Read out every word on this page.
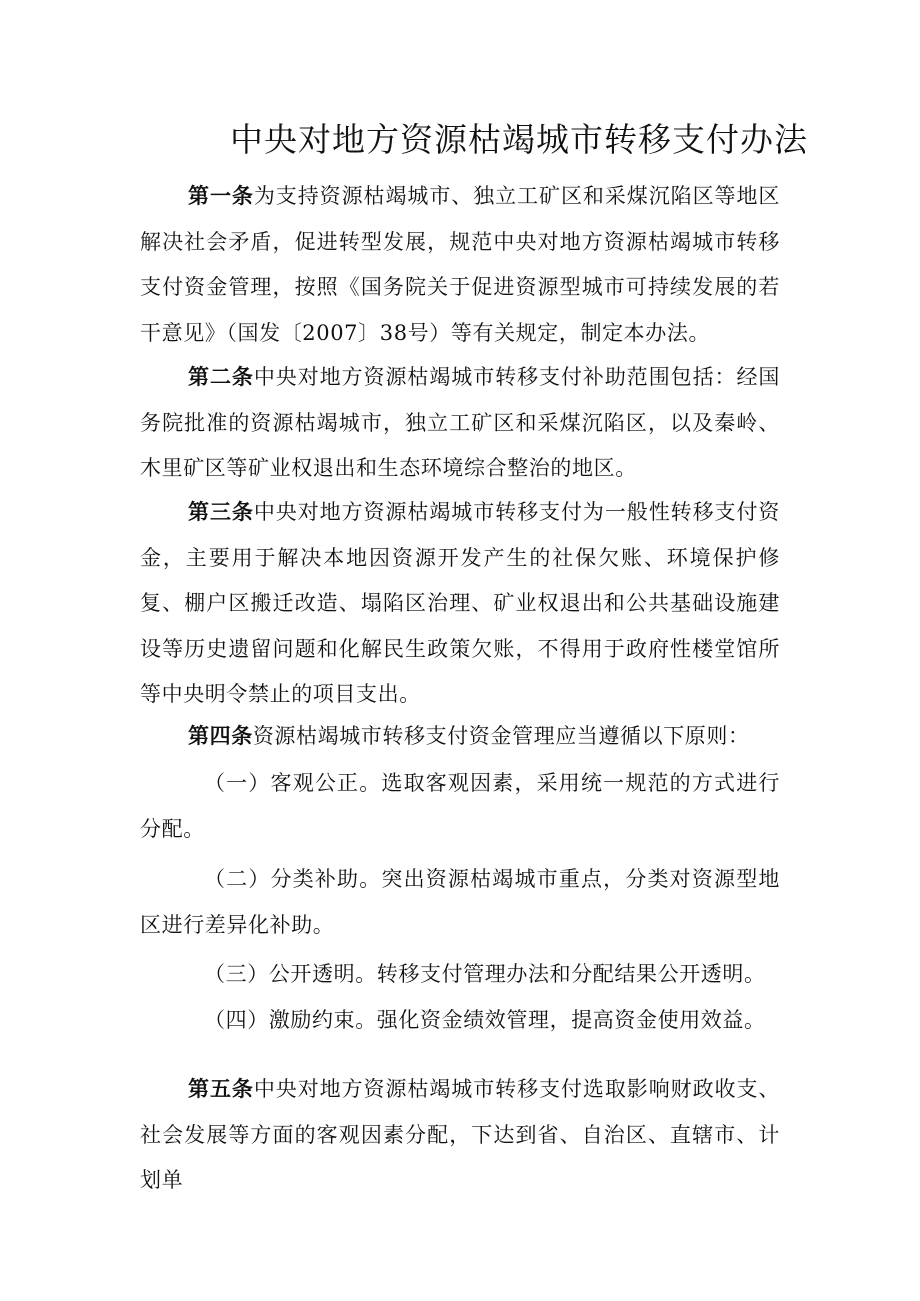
中央对地方资源枯竭城市转移支付办法
第一条为支持资源枯竭城市、独立工矿区和采煤沉陷区等地区解决社会矛盾，促进转型发展，规范中央对地方资源枯竭城市转移支付资金管理，按照《国务院关于促进资源型城市可持续发展的若干意见》（国发〔2007〕38号）等有关规定，制定本办法。
第二条中央对地方资源枯竭城市转移支付补助范围包括：经国务院批准的资源枯竭城市，独立工矿区和采煤沉陷区，以及秦岭、木里矿区等矿业权退出和生态环境综合整治的地区。
第三条中央对地方资源枯竭城市转移支付为一般性转移支付资金，主要用于解决本地因资源开发产生的社保欠账、环境保护修复、棚户区搬迁改造、塌陷区治理、矿业权退出和公共基础设施建设等历史遗留问题和化解民生政策欠账，不得用于政府性楼堂馆所等中央明令禁止的项目支出。
第四条资源枯竭城市转移支付资金管理应当遵循以下原则：
（一）客观公正。选取客观因素，采用统一规范的方式进行分配。
（二）分类补助。突出资源枯竭城市重点，分类对资源型地区进行差异化补助。
（三）公开透明。转移支付管理办法和分配结果公开透明。
（四）激励约束。强化资金绩效管理，提高资金使用效益。
第五条中央对地方资源枯竭城市转移支付选取影响财政收支、社会发展等方面的客观因素分配，下达到省、自治区、直辖市、计划单
